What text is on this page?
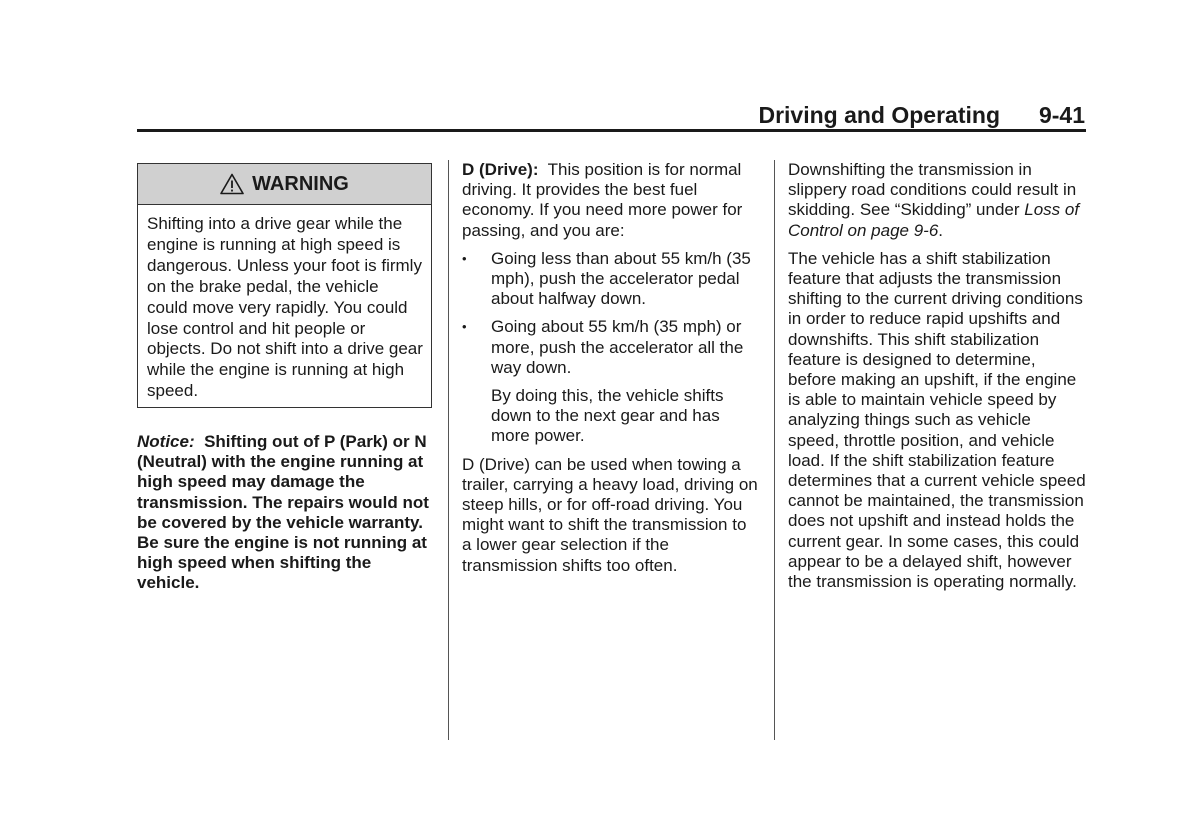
Driving and Operating	9-41
WARNING
Shifting into a drive gear while the engine is running at high speed is dangerous. Unless your foot is firmly on the brake pedal, the vehicle could move very rapidly. You could lose control and hit people or objects. Do not shift into a drive gear while the engine is running at high speed.
Notice: Shifting out of P (Park) or N (Neutral) with the engine running at high speed may damage the transmission. The repairs would not be covered by the vehicle warranty. Be sure the engine is not running at high speed when shifting the vehicle.

D (Drive): This position is for normal driving. It provides the best fuel economy. If you need more power for passing, and you are:

• Going less than about 55 km/h (35 mph), push the accelerator pedal about halfway down.
• Going about 55 km/h (35 mph) or more, push the accelerator all the way down.

By doing this, the vehicle shifts down to the next gear and has more power.

D (Drive) can be used when towing a trailer, carrying a heavy load, driving on steep hills, or for off-road driving. You might want to shift the transmission to a lower gear selection if the transmission shifts too often.

Downshifting the transmission in slippery road conditions could result in skidding. See “Skidding” under Loss of Control on page 9-6.

The vehicle has a shift stabilization feature that adjusts the transmission shifting to the current driving conditions in order to reduce rapid upshifts and downshifts. This shift stabilization feature is designed to determine, before making an upshift, if the engine is able to maintain vehicle speed by analyzing things such as vehicle speed, throttle position, and vehicle load. If the shift stabilization feature determines that a current vehicle speed cannot be maintained, the transmission does not upshift and instead holds the current gear. In some cases, this could appear to be a delayed shift, however the transmission is operating normally.
